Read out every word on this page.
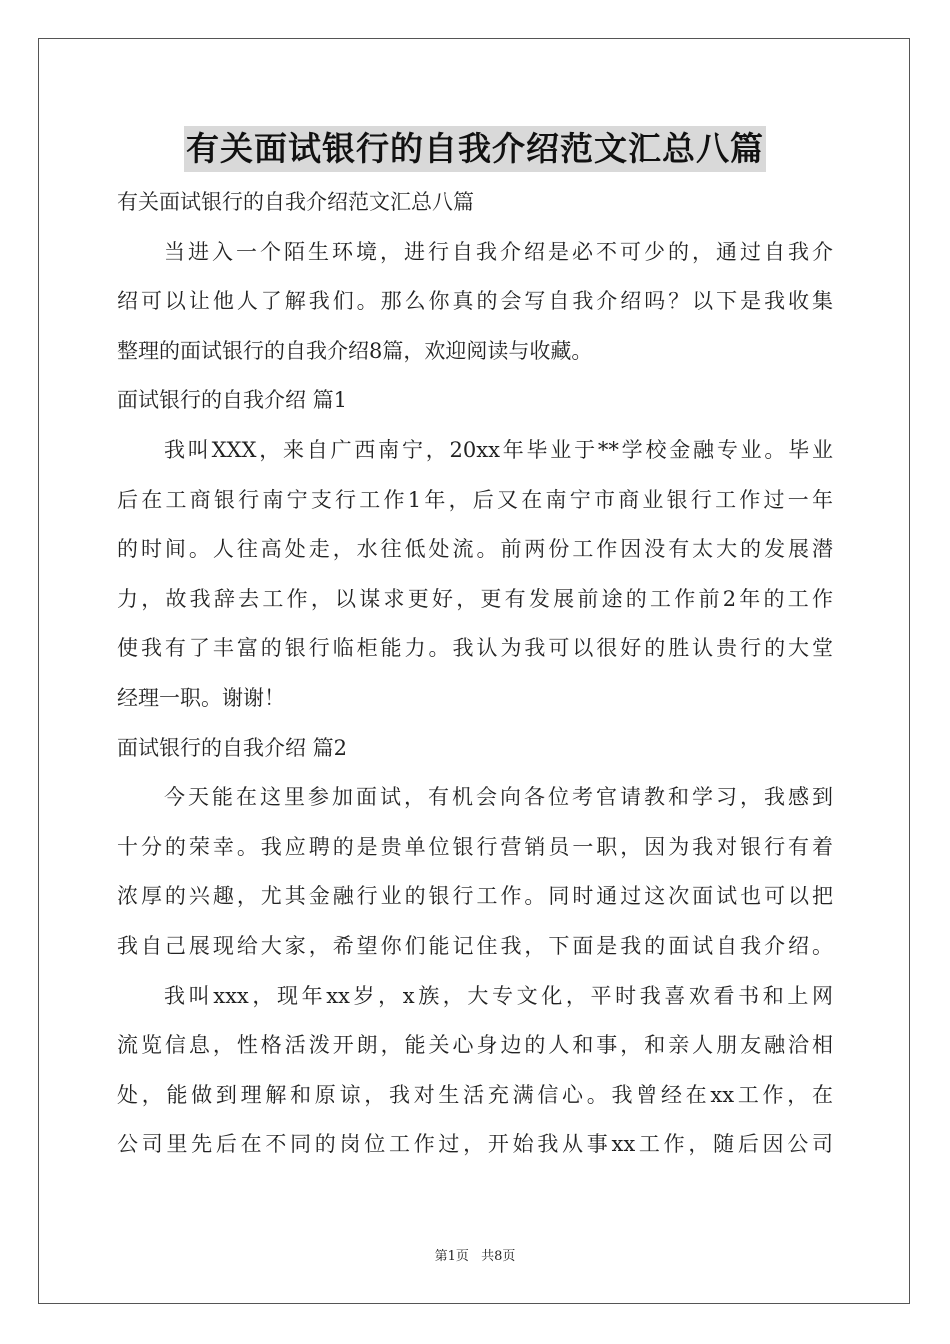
有关面试银行的自我介绍范文汇总八篇
有关面试银行的自我介绍范文汇总八篇
当进入一个陌生环境，进行自我介绍是必不可少的，通过自我介
绍可以让他人了解我们。那么你真的会写自我介绍吗？以下是我收集
整理的面试银行的自我介绍8篇，欢迎阅读与收藏。
面试银行的自我介绍 篇1
我叫XXX，来自广西南宁，20xx年毕业于**学校金融专业。毕业
后在工商银行南宁支行工作1年，后又在南宁市商业银行工作过一年
的时间。人往高处走，水往低处流。前两份工作因没有太大的发展潜
力，故我辞去工作，以谋求更好，更有发展前途的工作前2年的工作
使我有了丰富的银行临柜能力。我认为我可以很好的胜认贵行的大堂
经理一职。谢谢！
面试银行的自我介绍 篇2
今天能在这里参加面试，有机会向各位考官请教和学习，我感到
十分的荣幸。我应聘的是贵单位银行营销员一职，因为我对银行有着
浓厚的兴趣，尤其金融行业的银行工作。同时通过这次面试也可以把
我自己展现给大家，希望你们能记住我，下面是我的面试自我介绍。
我叫xxx，现年xx岁，x族，大专文化，平时我喜欢看书和上网
流览信息，性格活泼开朗，能关心身边的人和事，和亲人朋友融洽相
处，能做到理解和原谅，我对生活充满信心。我曾经在xx工作，在
公司里先后在不同的岗位工作过，开始我从事xx工作，随后因公司
第1页 共8页
